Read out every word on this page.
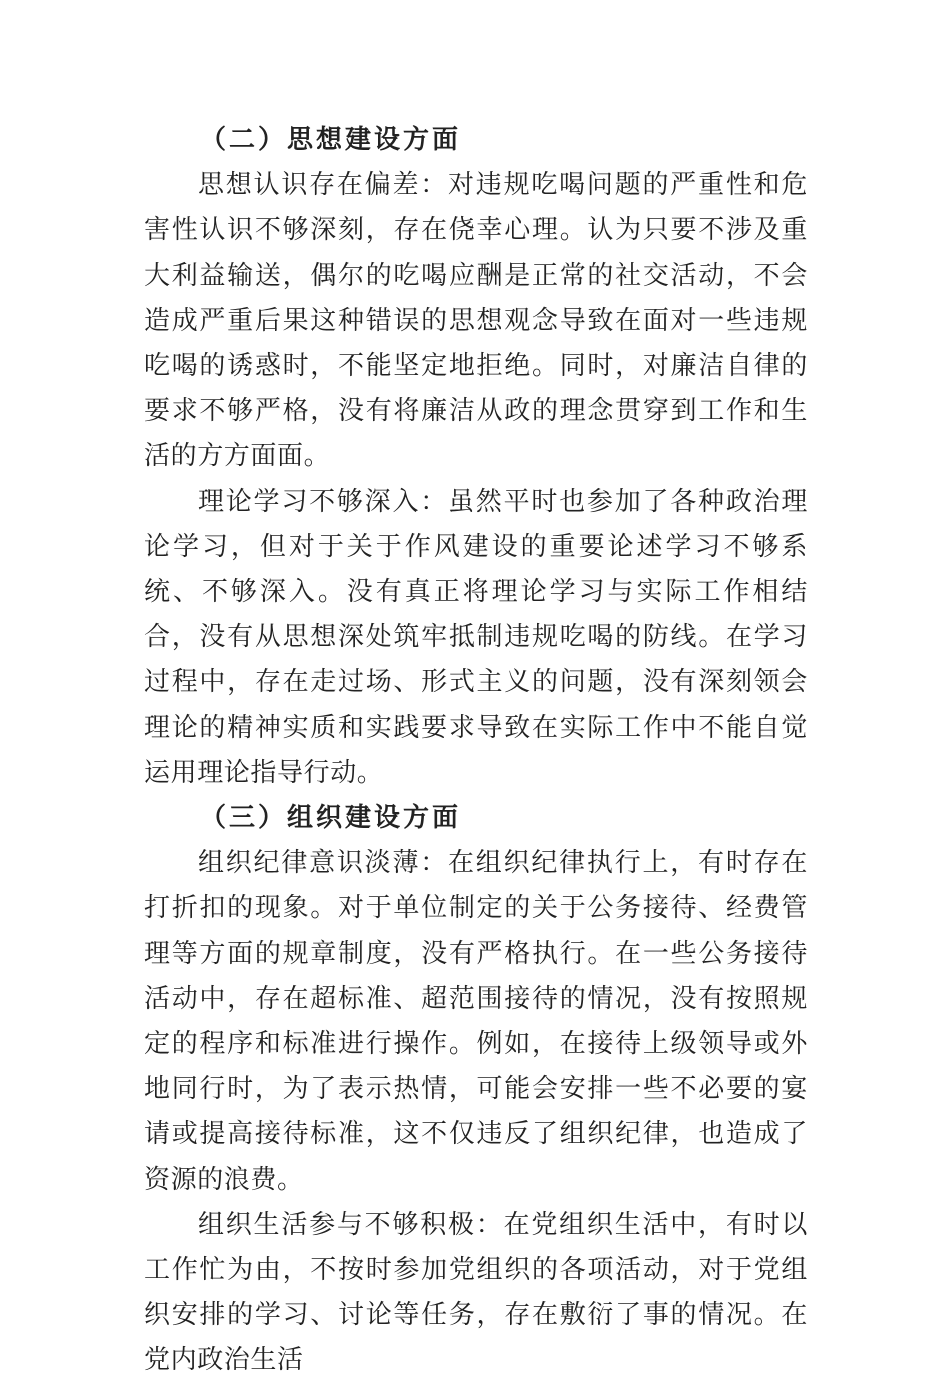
（二）思想建设方面

思想认识存在偏差：对违规吃喝问题的严重性和危害性认识不够深刻，存在侥幸心理。认为只要不涉及重大利益输送，偶尔的吃喝应酬是正常的社交活动，不会造成严重后果这种错误的思想观念导致在面对一些违规吃喝的诱惑时，不能坚定地拒绝。同时，对廉洁自律的要求不够严格，没有将廉洁从政的理念贯穿到工作和生活的方方面面。

理论学习不够深入：虽然平时也参加了各种政治理论学习，但对于关于作风建设的重要论述学习不够系统、不够深入。没有真正将理论学习与实际工作相结合，没有从思想深处筑牢抵制违规吃喝的防线。在学习过程中，存在走过场、形式主义的问题，没有深刻领会理论的精神实质和实践要求导致在实际工作中不能自觉运用理论指导行动。

（三）组织建设方面

组织纪律意识淡薄：在组织纪律执行上，有时存在打折扣的现象。对于单位制定的关于公务接待、经费管理等方面的规章制度，没有严格执行。在一些公务接待活动中，存在超标准、超范围接待的情况，没有按照规定的程序和标准进行操作。例如，在接待上级领导或外地同行时，为了表示热情，可能会安排一些不必要的宴请或提高接待标准，这不仅违反了组织纪律，也造成了资源的浪费。

组织生活参与不够积极：在党组织生活中，有时以工作忙为由，不按时参加党组织的各项活动，对于党组织安排的学习、讨论等任务，存在敷衍了事的情况。在党内政治生活
